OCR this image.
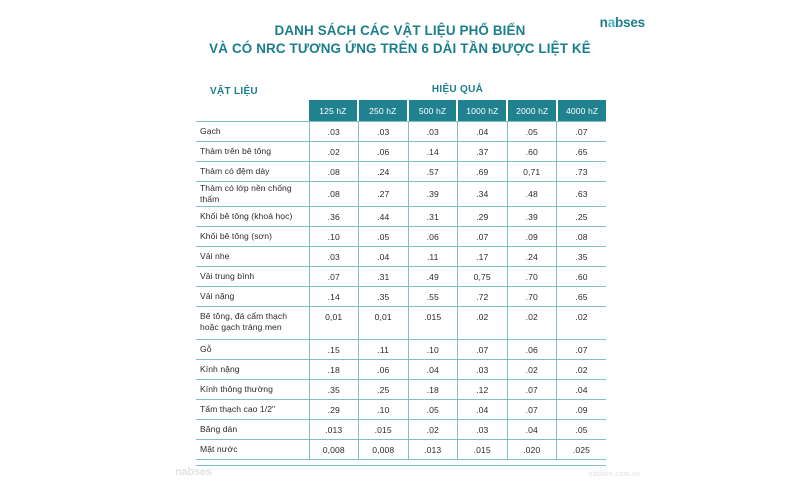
nabses
DANH SÁCH CÁC VẬT LIỆU PHỔ BIẾN
VÀ CÓ NRC TƯƠNG ỨNG TRÊN 6 DẢI TẦN ĐƯỢC LIỆT KÊ
VẬT LIỆU	HIỆU QUẢ
125 hZ	250 hZ	500 hZ	1000 hZ	2000 hZ	4000 hZ
Gạch	.03	.03	.03	.04	.05	.07

Thảm trên bê tông	.02	.06	.14	.37	.60	.65

Thảm có đệm dày	.08	.24	.57	.69	0,71	.73

Thảm có lớp nền chống thấm	.08	.27	.39	.34	.48	.63

Khối bê tông (khoá học)	.36	.44	.31	.29	.39	.25

Khối bê tông (sơn)	.10	.05	.06	.07	.09	.08

Vải nhẹ	.03	.04	.11	.17	.24	.35

Vải trung bình	.07	.31	.49	0,75	.70	.60

Vải nặng	.14	.35	.55	.72	.70	.65

Bê tông, đá cẩm thạch
hoặc gạch tráng men	0,01	0,01	.015	.02	.02	.02

Gỗ	.15	.11	.10	.07	.06	.07

Kính nặng	.18	.06	.04	.03	.02	.02

Kính thông thường	.35	.25	.18	.12	.07	.04

Tấm thạch cao 1/2"	.29	.10	.05	.04	.07	.09

Băng dán	.013	.015	.02	.03	.04	.05

Mặt nước	0,008	0,008	.013	.015	.020	.025
nabses	nabses.com.vn
